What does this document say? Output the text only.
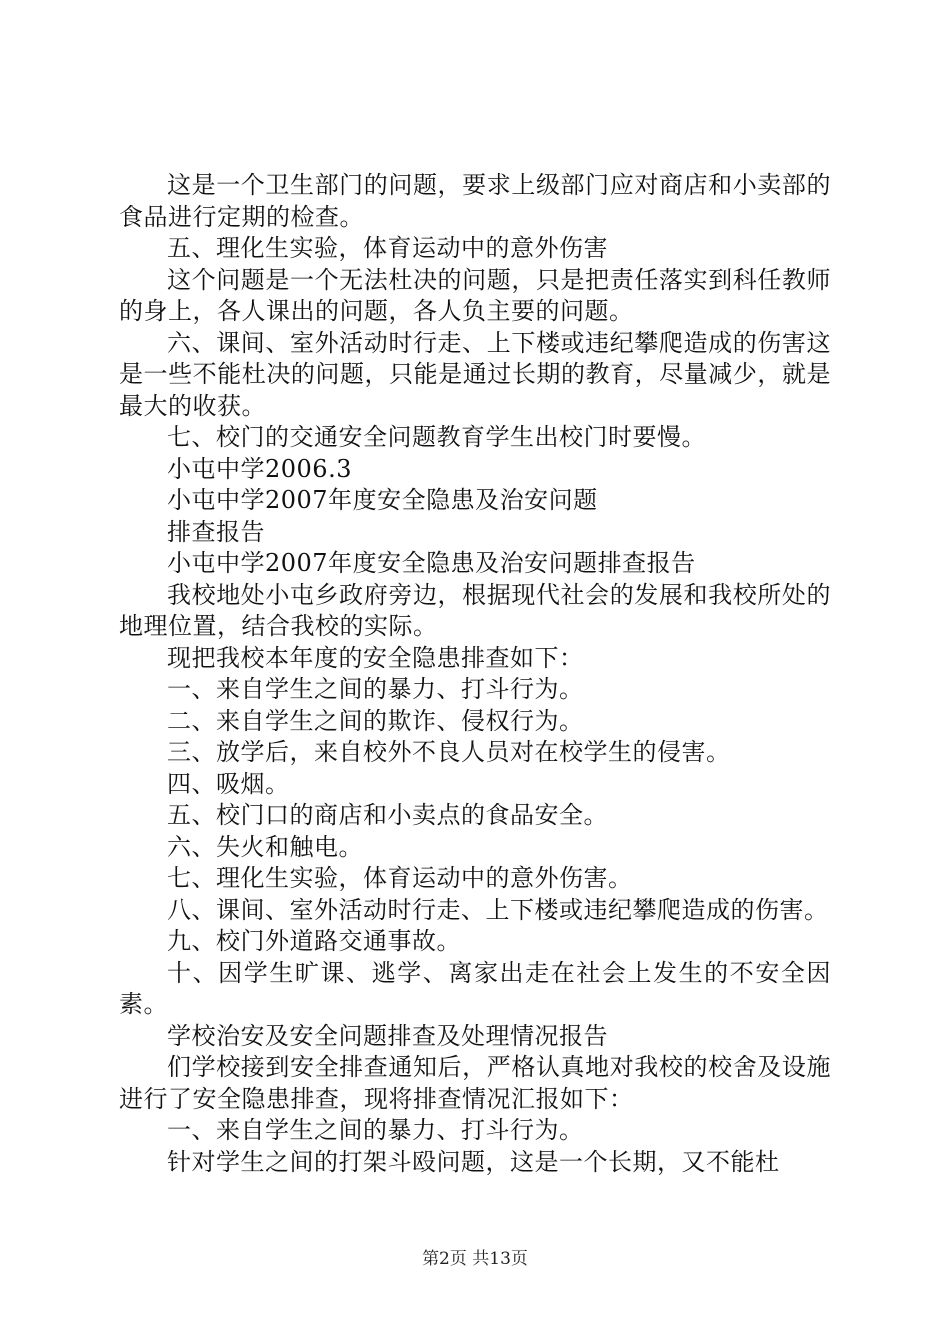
这是一个卫生部门的问题，要求上级部门应对商店和小卖部的食品进行定期的检查。

五、理化生实验，体育运动中的意外伤害

这个问题是一个无法杜决的问题，只是把责任落实到科任教师的身上，各人课出的问题，各人负主要的问题。

六、课间、室外活动时行走、上下楼或违纪攀爬造成的伤害这是一些不能杜决的问题，只能是通过长期的教育，尽量减少，就是最大的收获。

七、校门的交通安全问题教育学生出校门时要慢。

小屯中学2006.3

小屯中学2007年度安全隐患及治安问题

排查报告

小屯中学2007年度安全隐患及治安问题排查报告

我校地处小屯乡政府旁边，根据现代社会的发展和我校所处的地理位置，结合我校的实际。

现把我校本年度的安全隐患排查如下：

一、来自学生之间的暴力、打斗行为。

二、来自学生之间的欺诈、侵权行为。

三、放学后，来自校外不良人员对在校学生的侵害。

四、吸烟。

五、校门口的商店和小卖点的食品安全。

六、失火和触电。

七、理化生实验，体育运动中的意外伤害。

八、课间、室外活动时行走、上下楼或违纪攀爬造成的伤害。

九、校门外道路交通事故。

十、因学生旷课、逃学、离家出走在社会上发生的不安全因素。

学校治安及安全问题排查及处理情况报告

们学校接到安全排查通知后，严格认真地对我校的校舍及设施进行了安全隐患排查，现将排查情况汇报如下：

一、来自学生之间的暴力、打斗行为。

针对学生之间的打架斗殴问题，这是一个长期，又不能杜

第2页 共13页
